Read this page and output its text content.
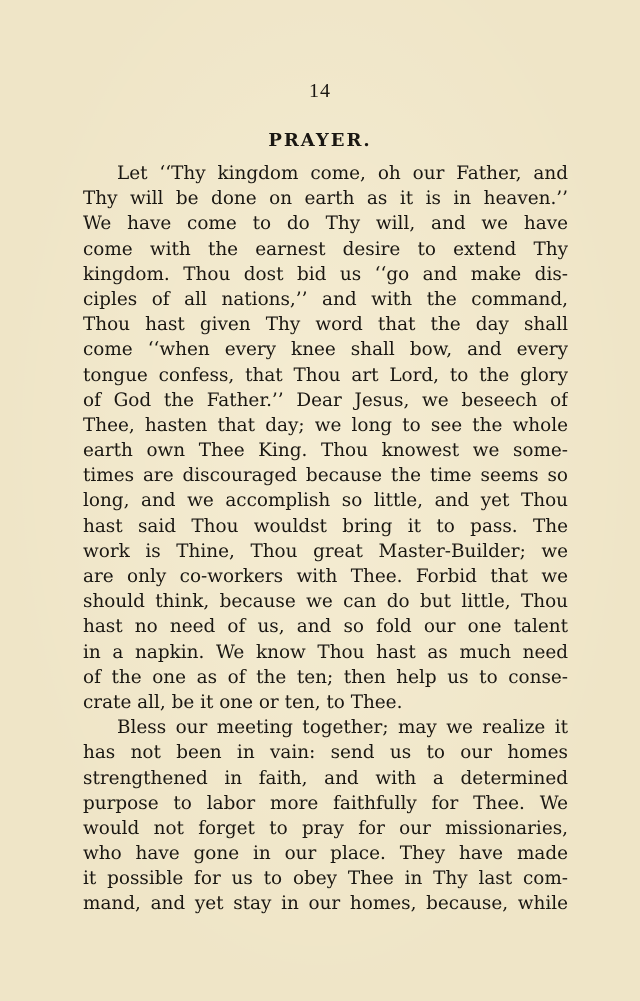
14
PRAYER.
Let ‘‘Thy kingdom come, oh our Father, and
Thy will be done on earth as it is in heaven.’’
We have come to do Thy will, and we have
come with the earnest desire to extend Thy
kingdom. Thou dost bid us ‘‘go and make dis-
ciples of all nations,’’ and with the command,
Thou hast given Thy word that the day shall
come ‘‘when every knee shall bow, and every
tongue confess, that Thou art Lord, to the glory
of God the Father.’’ Dear Jesus, we beseech of
Thee, hasten that day; we long to see the whole
earth own Thee King. Thou knowest we some-
times are discouraged because the time seems so
long, and we accomplish so little, and yet Thou
hast said Thou wouldst bring it to pass. The
work is Thine, Thou great Master-Builder; we
are only co-workers with Thee. Forbid that we
should think, because we can do but little, Thou
hast no need of us, and so fold our one talent
in a napkin. We know Thou hast as much need
of the one as of the ten; then help us to conse-
crate all, be it one or ten, to Thee.
Bless our meeting together; may we realize it
has not been in vain: send us to our homes
strengthened in faith, and with a determined
purpose to labor more faithfully for Thee. We
would not forget to pray for our missionaries,
who have gone in our place. They have made
it possible for us to obey Thee in Thy last com-
mand, and yet stay in our homes, because, while
